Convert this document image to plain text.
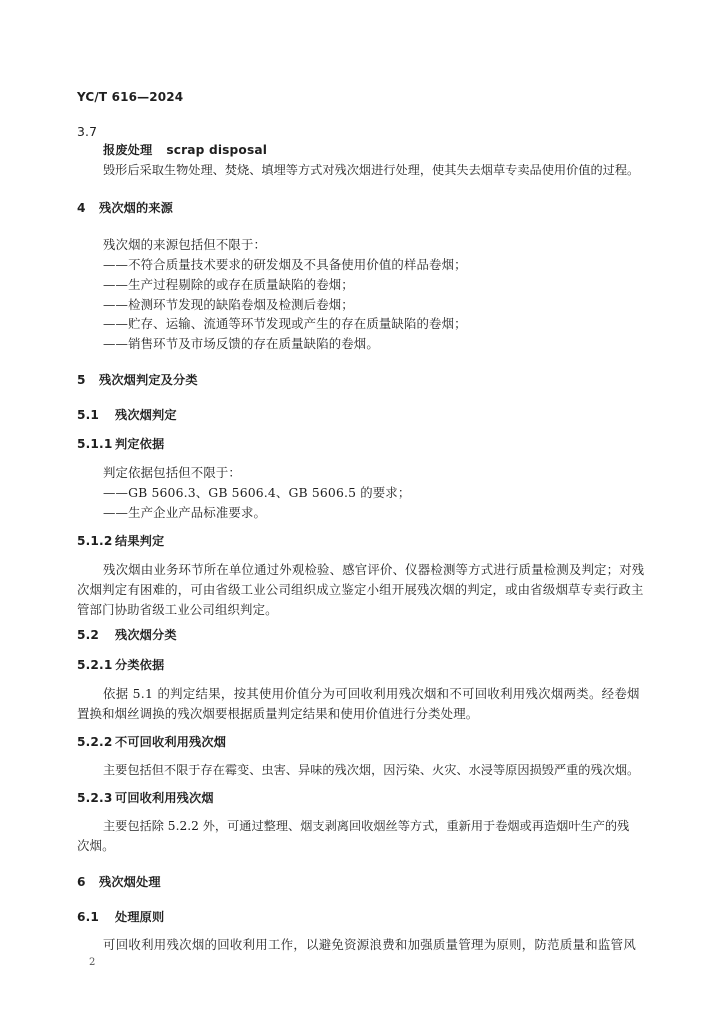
YC/T 616—2024
3.7
报废处理 scrap disposal
毁形后采取生物处理、焚烧、填埋等方式对残次烟进行处理，使其失去烟草专卖品使用价值的过程。
4 残次烟的来源
残次烟的来源包括但不限于：
——不符合质量技术要求的研发烟及不具备使用价值的样品卷烟；
——生产过程剔除的或存在质量缺陷的卷烟；
——检测环节发现的缺陷卷烟及检测后卷烟；
——贮存、运输、流通等环节发现或产生的存在质量缺陷的卷烟；
——销售环节及市场反馈的存在质量缺陷的卷烟。
5 残次烟判定及分类
5.1 残次烟判定
5.1.1 判定依据
判定依据包括但不限于：
——GB 5606.3、GB 5606.4、GB 5606.5 的要求；
——生产企业产品标准要求。
5.1.2 结果判定
残次烟由业务环节所在单位通过外观检验、感官评价、仪器检测等方式进行质量检测及判定；对残
次烟判定有困难的，可由省级工业公司组织成立鉴定小组开展残次烟的判定，或由省级烟草专卖行政主
管部门协助省级工业公司组织判定。
5.2 残次烟分类
5.2.1 分类依据
依据 5.1 的判定结果，按其使用价值分为可回收利用残次烟和不可回收利用残次烟两类。经卷烟
置换和烟丝调换的残次烟要根据质量判定结果和使用价值进行分类处理。
5.2.2 不可回收利用残次烟
主要包括但不限于存在霉变、虫害、异味的残次烟，因污染、火灾、水浸等原因损毁严重的残次烟。
5.2.3 可回收利用残次烟
主要包括除 5.2.2 外，可通过整理、烟支剥离回收烟丝等方式，重新用于卷烟或再造烟叶生产的残
次烟。
6 残次烟处理
6.1 处理原则
可回收利用残次烟的回收利用工作，以避免资源浪费和加强质量管理为原则，防范质量和监管风
2
